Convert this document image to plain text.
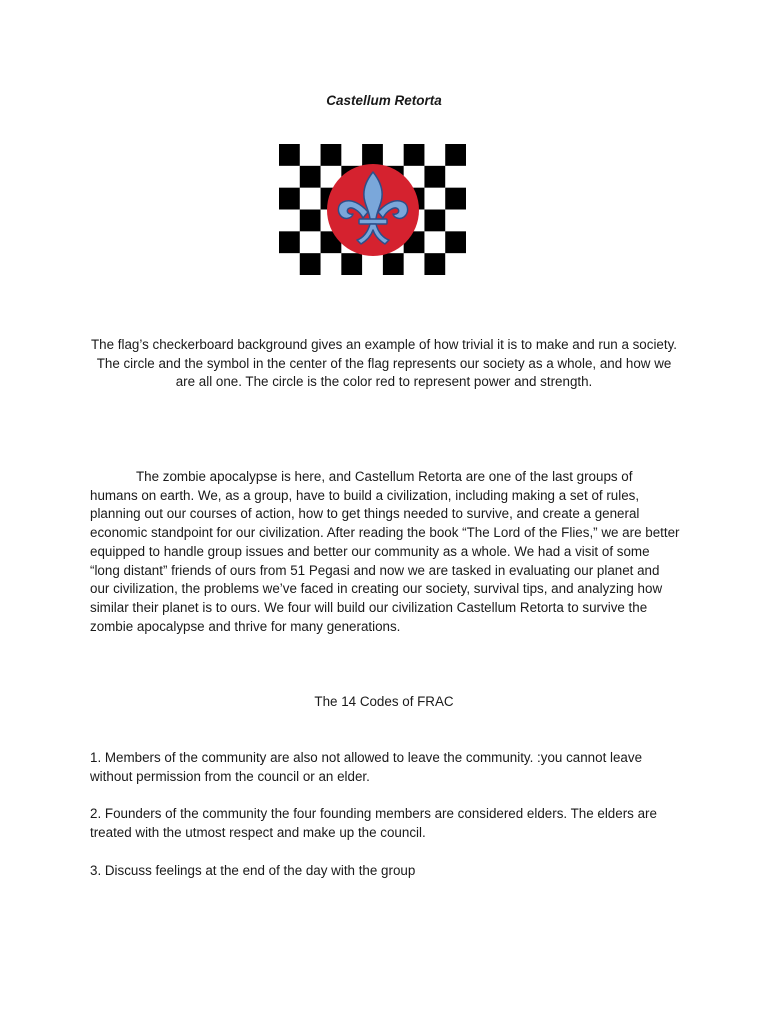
Castellum Retorta
The flag’s checkerboard background gives an example of how trivial it is to make and run a society. The circle and the symbol in the center of the flag represents our society as a whole, and how we are all one. The circle is the color red to represent power and strength.
The zombie apocalypse is here, and Castellum Retorta are one of the last groups of humans on earth. We, as a group, have to build a civilization, including making a set of rules, planning out our courses of action, how to get things needed to survive, and create a general economic standpoint for our civilization. After reading the book “The Lord of the Flies,” we are better equipped to handle group issues and better our community as a whole. We had a visit of some “long distant” friends of ours from 51 Pegasi and now we are tasked in evaluating our planet and our civilization, the problems we’ve faced in creating our society, survival tips, and analyzing how similar their planet is to ours. We four will build our civilization Castellum Retorta to survive the zombie apocalypse and thrive for many generations.
The 14 Codes of FRAC
1. Members of the community are also not allowed to leave the community. :you cannot leave without permission from the council or an elder.
2. Founders of the community the four founding members are considered elders. The elders are treated with the utmost respect and make up the council.
3. Discuss feelings at the end of the day with the group
